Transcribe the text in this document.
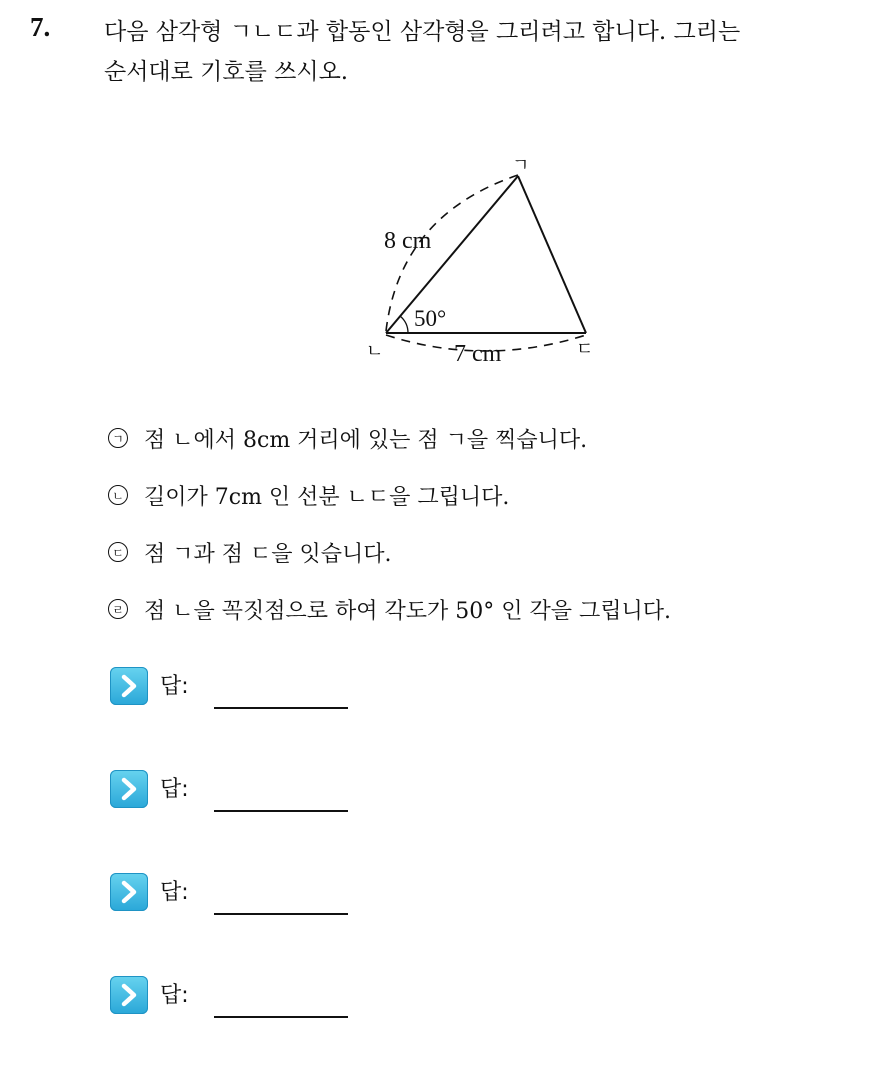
7. 다음 삼각형 ㄱㄴㄷ과 합동인 삼각형을 그리려고 합니다. 그리는
순서대로 기호를 쓰시오.
ㄱ
ㄴ	ㄷ
8 cm
7 cm
50°
ㄱ 점 ㄴ에서 8cm 거리에 있는 점 ㄱ을 찍습니다.
ㄴ 길이가 7cm 인 선분 ㄴㄷ을 그립니다.
ㄷ 점 ㄱ과 점 ㄷ을 잇습니다.
ㄹ 점 ㄴ을 꼭짓점으로 하여 각도가 50° 인 각을 그립니다.
답:
답:
답:
답:
